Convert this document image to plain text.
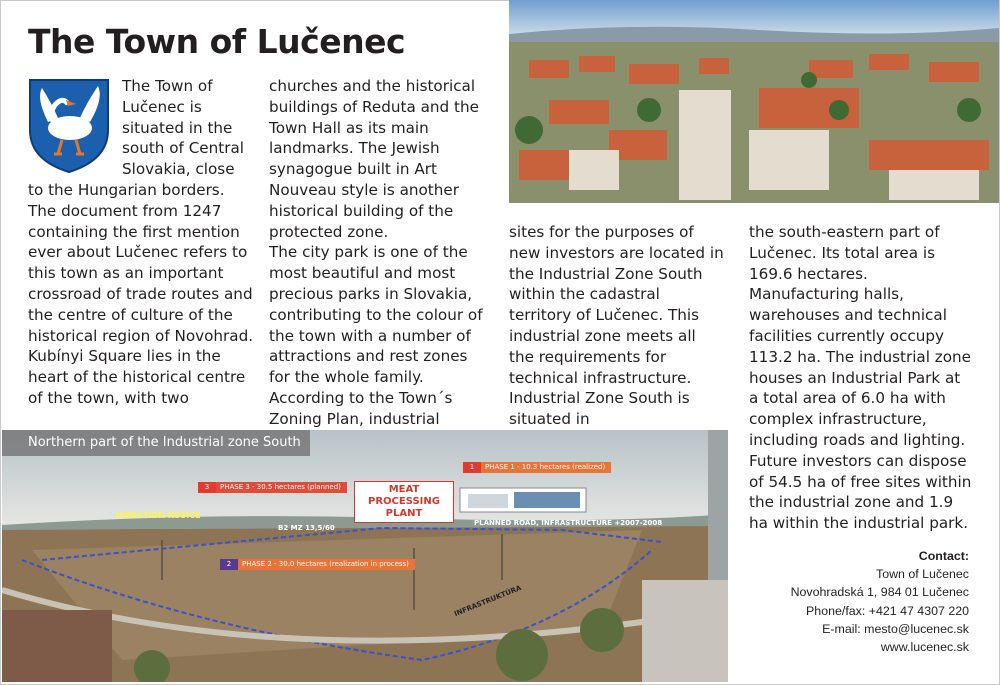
The Town of Lučenec

The Town of Lučenec is situated in the south of Central Slovakia, close to the Hungarian borders.

The document from 1247 containing the first mention ever about Lučenec refers to this town as an important crossroad of trade routes and the centre of culture of the historical region of Novohrad. Kubínyi Square lies in the heart of the historical centre of the town, with two

churches and the historical buildings of Reduta and the Town Hall as its main landmarks. The Jewish synagogue built in Art Nouveau style is another historical building of the protected zone.

The city park is one of the most beautiful and most precious parks in Slovakia, contributing to the colour of the town with a number of attractions and rest zones for the whole family.

According to the Town´s Zoning Plan, industrial

sites for the purposes of new investors are located in the Industrial Zone South within the cadastral territory of Lučenec. This industrial zone meets all the requirements for technical infrastructure. Industrial Zone South is situated in

the south-eastern part of Lučenec. Its total area is 169.6 hectares. Manufacturing halls, warehouses and technical facilities currently occupy 113.2 ha. The industrial zone houses an Industrial Park at a total area of 6.0 ha with complex infrastructure, including roads and lighting. Future investors can dispose of 54.5 ha of free sites within the industrial zone and 1.9 ha within the industrial park.

Northern part of the Industrial zone South
1 PHASE 1 - 10.3 hectares (realized)
3 PHASE 3 - 30.5 hectares (planned)
2 PHASE 2 - 30.0 hectares (realization in process)
MEAT PROCESSING PLANT
DIRECTION KOŠICE
B2 MZ 13,5/60
PLANNED ROAD, INFRASTRUCTURE +2007-2008
INFRASTRUKTÚRA
Contact:
Town of Lučenec
Novohradská 1, 984 01 Lučenec
Phone/fax: +421 47 4307 220
E-mail: mesto@lucenec.sk
www.lucenec.sk
